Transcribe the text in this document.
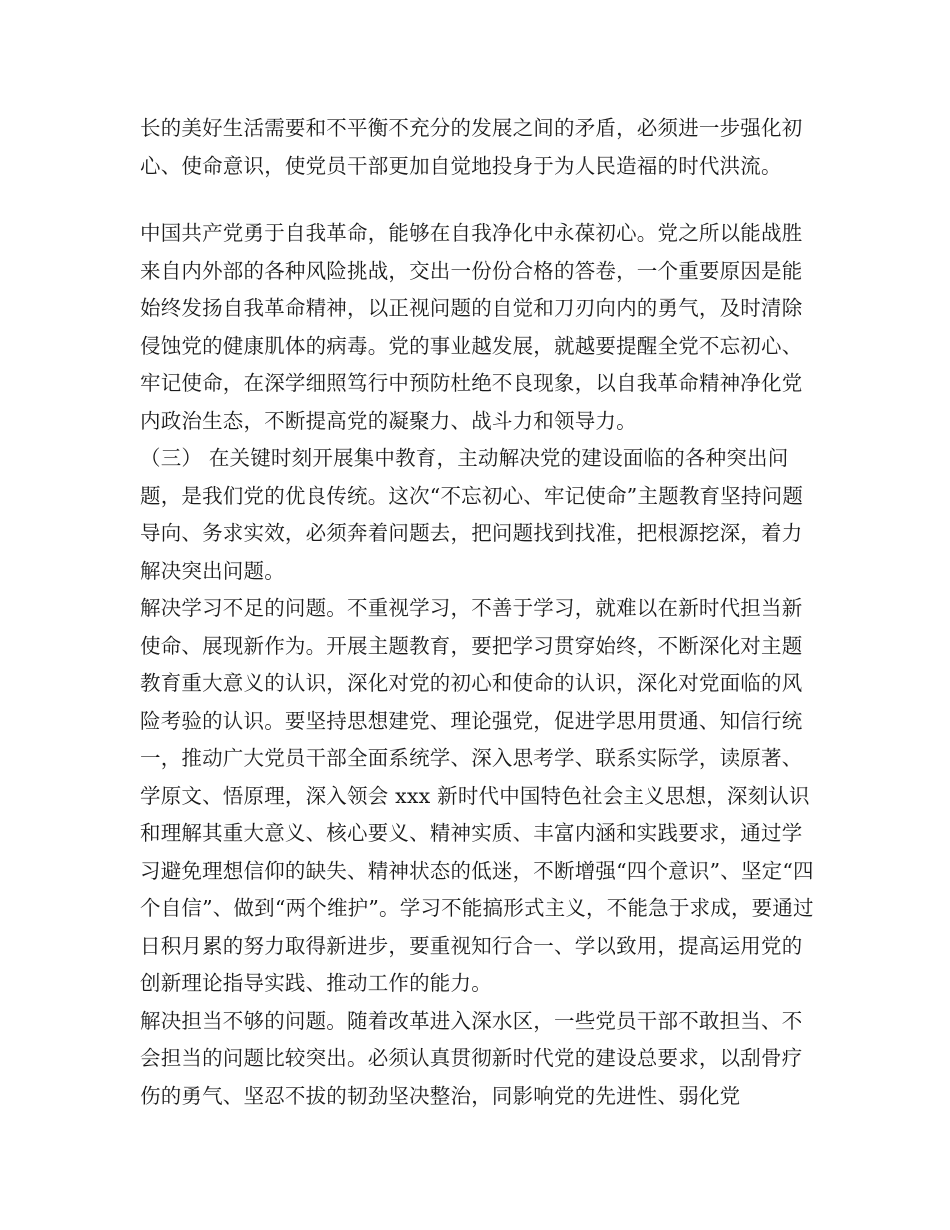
长的美好生活需要和不平衡不充分的发展之间的矛盾，必须进一步强化初心、使命意识，使党员干部更加自觉地投身于为人民造福的时代洪流。

中国共产党勇于自我革命，能够在自我净化中永葆初心。党之所以能战胜来自内外部的各种风险挑战，交出一份份合格的答卷，一个重要原因是能始终发扬自我革命精神，以正视问题的自觉和刀刃向内的勇气，及时清除侵蚀党的健康肌体的病毒。党的事业越发展，就越要提醒全党不忘初心、牢记使命，在深学细照笃行中预防杜绝不良现象，以自我革命精神净化党内政治生态，不断提高党的凝聚力、战斗力和领导力。

（三） 在关键时刻开展集中教育，主动解决党的建设面临的各种突出问题，是我们党的优良传统。这次“不忘初心、牢记使命”主题教育坚持问题导向、务求实效，必须奔着问题去，把问题找到找准，把根源挖深，着力解决突出问题。

解决学习不足的问题。不重视学习，不善于学习，就难以在新时代担当新使命、展现新作为。开展主题教育，要把学习贯穿始终，不断深化对主题教育重大意义的认识，深化对党的初心和使命的认识，深化对党面临的风险考验的认识。要坚持思想建党、理论强党，促进学思用贯通、知信行统一，推动广大党员干部全面系统学、深入思考学、联系实际学，读原著、学原文、悟原理，深入领会 xxx 新时代中国特色社会主义思想，深刻认识和理解其重大意义、核心要义、精神实质、丰富内涵和实践要求，通过学习避免理想信仰的缺失、精神状态的低迷，不断增强“四个意识”、坚定“四个自信”、做到“两个维护”。学习不能搞形式主义，不能急于求成，要通过日积月累的努力取得新进步，要重视知行合一、学以致用，提高运用党的创新理论指导实践、推动工作的能力。

解决担当不够的问题。随着改革进入深水区，一些党员干部不敢担当、不会担当的问题比较突出。必须认真贯彻新时代党的建设总要求，以刮骨疗伤的勇气、坚忍不拔的韧劲坚决整治，同影响党的先进性、弱化党
